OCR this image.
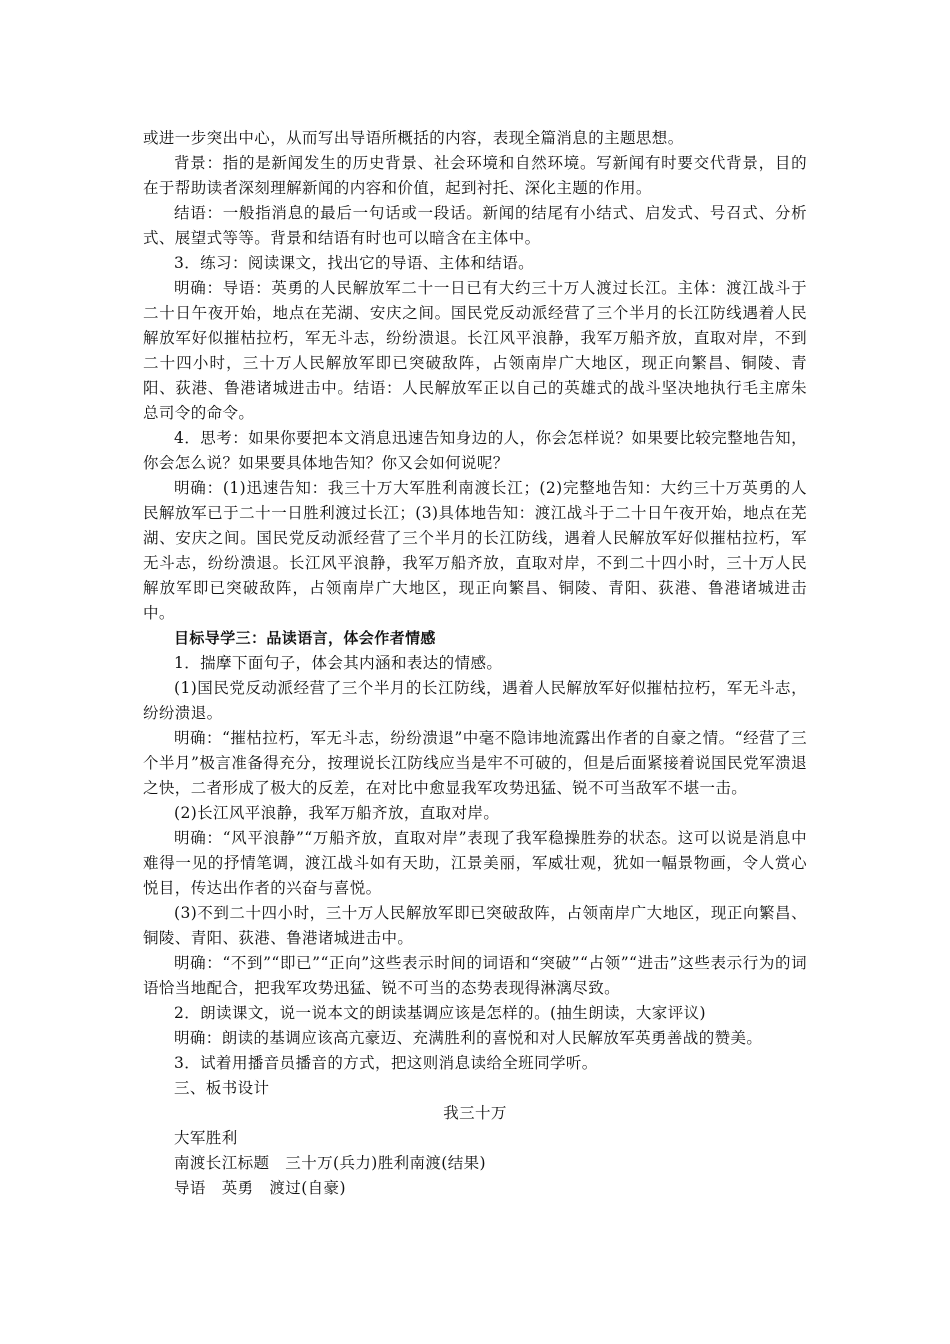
或进一步突出中心，从而写出导语所概括的内容，表现全篇消息的主题思想。

背景：指的是新闻发生的历史背景、社会环境和自然环境。写新闻有时要交代背景，目的在于帮助读者深刻理解新闻的内容和价值，起到衬托、深化主题的作用。

结语：一般指消息的最后一句话或一段话。新闻的结尾有小结式、启发式、号召式、分析式、展望式等等。背景和结语有时也可以暗含在主体中。

3．练习：阅读课文，找出它的导语、主体和结语。

明确：导语：英勇的人民解放军二十一日已有大约三十万人渡过长江。主体：渡江战斗于二十日午夜开始，地点在芜湖、安庆之间。国民党反动派经营了三个半月的长江防线遇着人民解放军好似摧枯拉朽，军无斗志，纷纷溃退。长江风平浪静，我军万船齐放，直取对岸，不到二十四小时，三十万人民解放军即已突破敌阵，占领南岸广大地区，现正向繁昌、铜陵、青阳、荻港、鲁港诸城进击中。结语：人民解放军正以自己的英雄式的战斗坚决地执行毛主席朱总司令的命令。

4．思考：如果你要把本文消息迅速告知身边的人，你会怎样说？如果要比较完整地告知，你会怎么说？如果要具体地告知？你又会如何说呢？

明确：(1)迅速告知：我三十万大军胜利南渡长江；(2)完整地告知：大约三十万英勇的人民解放军已于二十一日胜利渡过长江；(3)具体地告知：渡江战斗于二十日午夜开始，地点在芜湖、安庆之间。国民党反动派经营了三个半月的长江防线，遇着人民解放军好似摧枯拉朽，军无斗志，纷纷溃退。长江风平浪静，我军万船齐放，直取对岸，不到二十四小时，三十万人民解放军即已突破敌阵，占领南岸广大地区，现正向繁昌、铜陵、青阳、荻港、鲁港诸城进击中。

目标导学三：品读语言，体会作者情感

1．揣摩下面句子，体会其内涵和表达的情感。

(1)国民党反动派经营了三个半月的长江防线，遇着人民解放军好似摧枯拉朽，军无斗志，纷纷溃退。

明确：“摧枯拉朽，军无斗志，纷纷溃退”中毫不隐讳地流露出作者的自豪之情。“经营了三个半月”极言准备得充分，按理说长江防线应当是牢不可破的，但是后面紧接着说国民党军溃退之快，二者形成了极大的反差，在对比中愈显我军攻势迅猛、锐不可当敌军不堪一击。

(2)长江风平浪静，我军万船齐放，直取对岸。

明确：“风平浪静”“万船齐放，直取对岸”表现了我军稳操胜券的状态。这可以说是消息中难得一见的抒情笔调，渡江战斗如有天助，江景美丽，军威壮观，犹如一幅景物画，令人赏心悦目，传达出作者的兴奋与喜悦。

(3)不到二十四小时，三十万人民解放军即已突破敌阵，占领南岸广大地区，现正向繁昌、铜陵、青阳、荻港、鲁港诸城进击中。

明确：“不到”“即已”“正向”这些表示时间的词语和“突破”“占领”“进击”这些表示行为的词语恰当地配合，把我军攻势迅猛、锐不可当的态势表现得淋漓尽致。

2．朗读课文，说一说本文的朗读基调应该是怎样的。(抽生朗读，大家评议)

明确：朗读的基调应该高亢豪迈、充满胜利的喜悦和对人民解放军英勇善战的赞美。

3．试着用播音员播音的方式，把这则消息读给全班同学听。

三、板书设计

我三十万

大军胜利

南渡长江标题　三十万(兵力)胜利南渡(结果)

导语　英勇　渡过(自豪)
